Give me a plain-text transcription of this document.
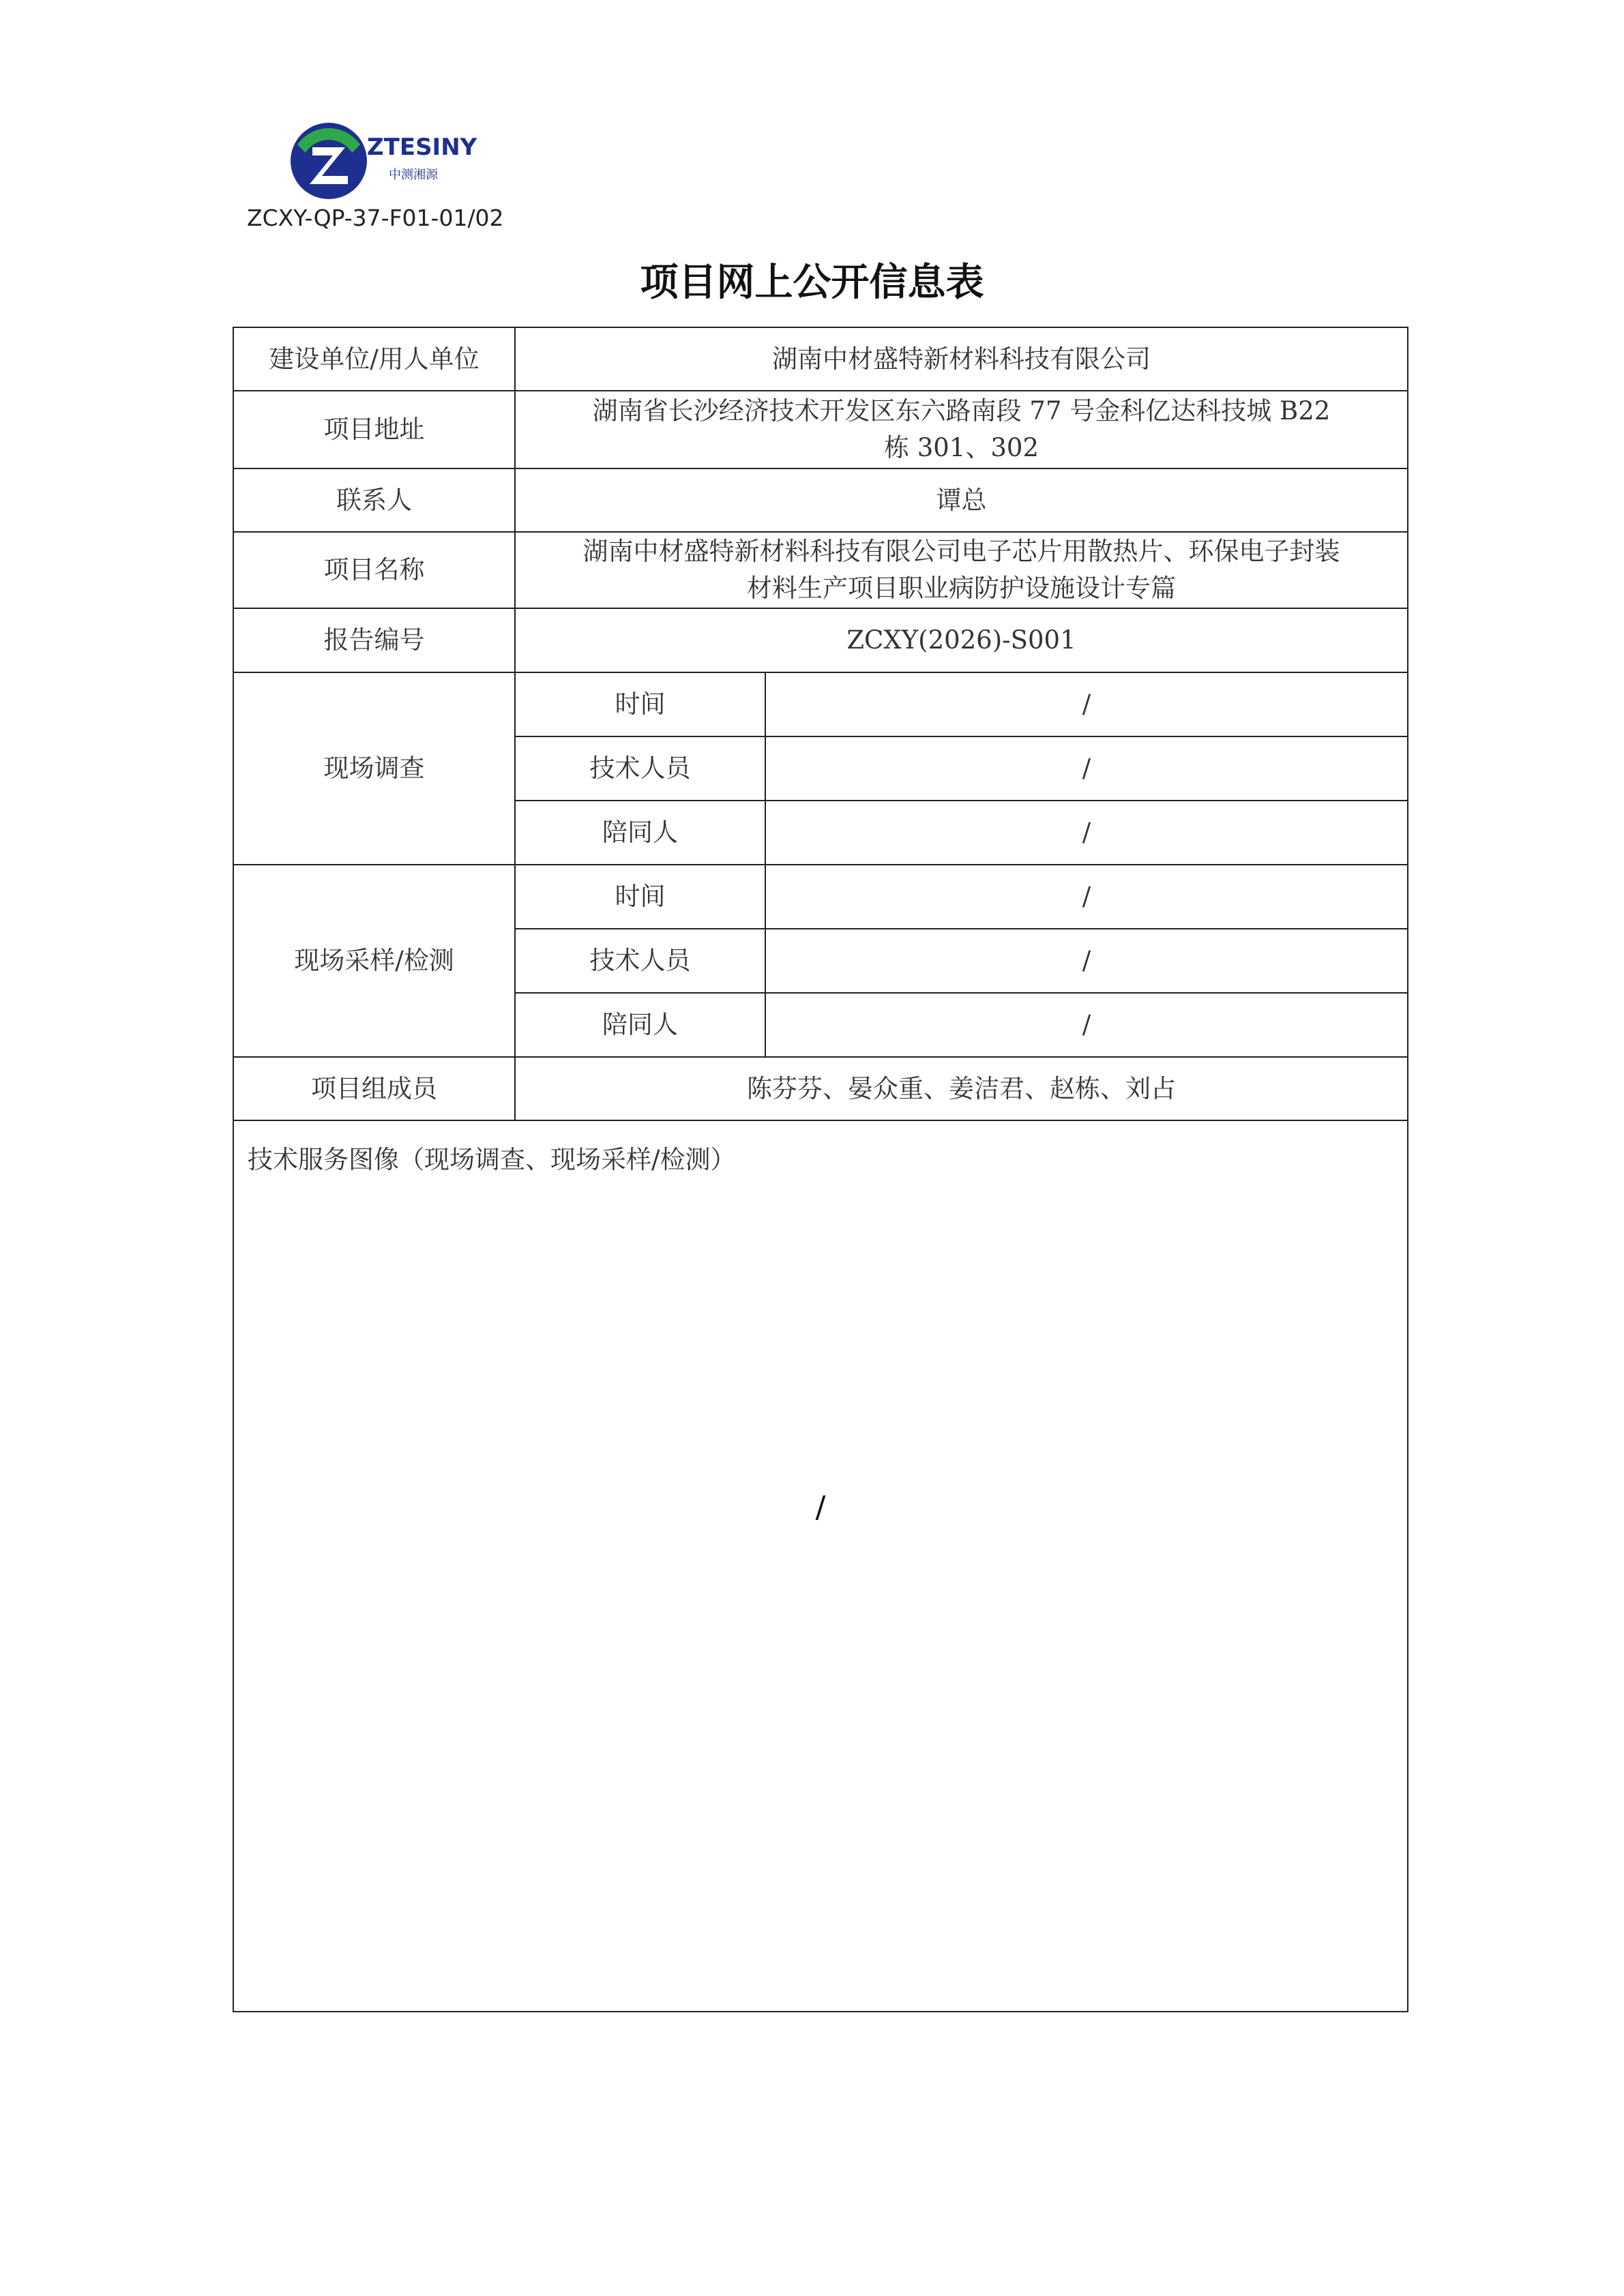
ZTESINY
中测湘源
ZCXY-QP-37-F01-01/02
项目网上公开信息表
建设单位/用人单位	湖南中材盛特新材料科技有限公司	
项目地址	湖南省长沙经济技术开发区东六路南段 77 号金科亿达科技城 B22
栋 301、302	

联系人	谭总	
项目名称	湖南中材盛特新材料科技有限公司电子芯片用散热片、环保电子封装
材料生产项目职业病防护设施设计专篇	

报告编号	ZCXY(2026)-S001	
现场调查	时间	/
	技术人员	/
	陪同人	/
现场采样/检测	时间	/
	技术人员	/
	陪同人	/
项目组成员	陈芬芬、晏众重、姜洁君、赵栋、刘占	

技术服务图像（现场调查、现场采样/检测）
/		
